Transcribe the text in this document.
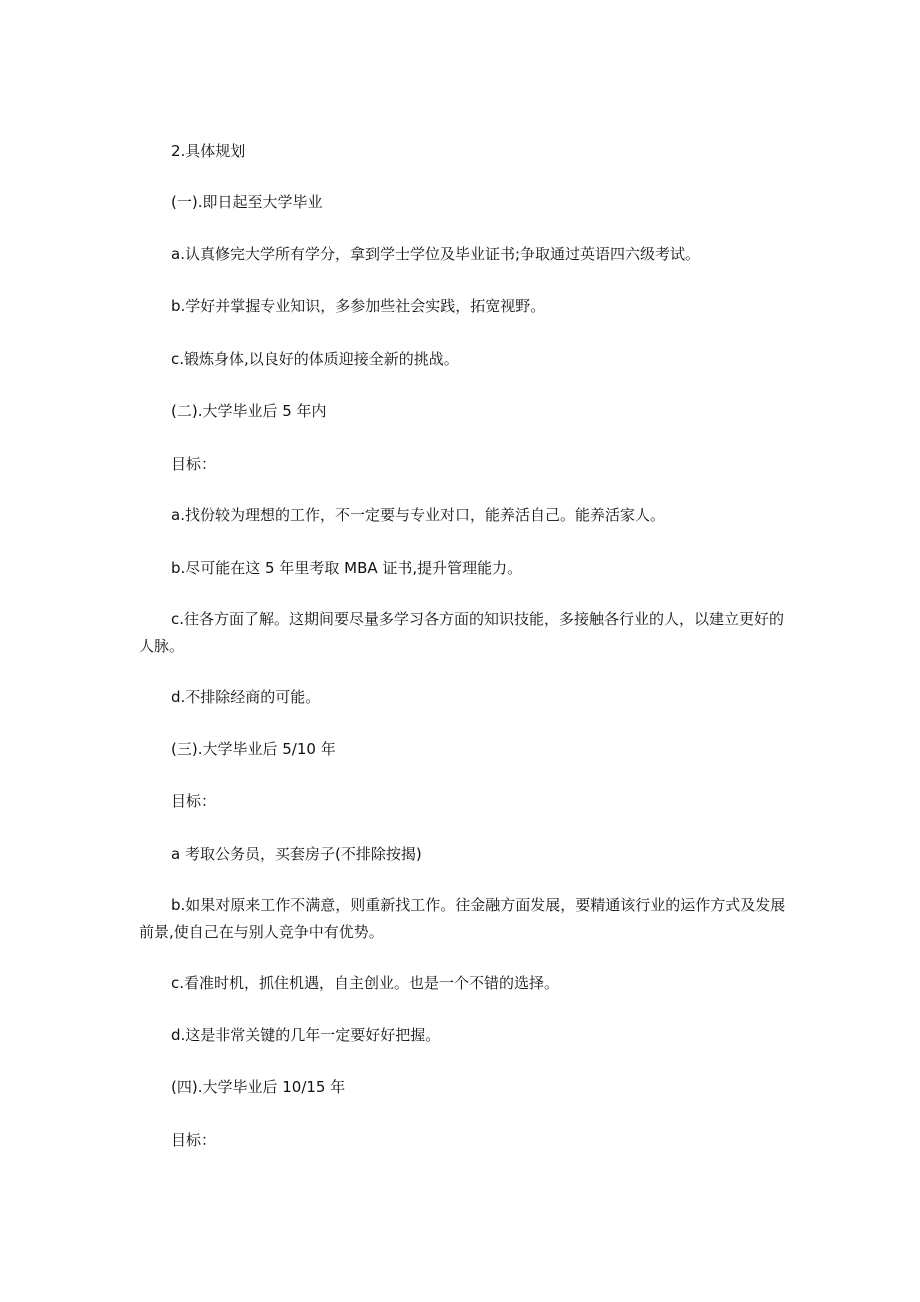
2.具体规划

(一).即日起至大学毕业

a.认真修完大学所有学分，拿到学士学位及毕业证书;争取通过英语四六级考试。

b.学好并掌握专业知识，多参加些社会实践，拓宽视野。

c.锻炼身体,以良好的体质迎接全新的挑战。

(二).大学毕业后 5 年内

目标：

a.找份较为理想的工作，不一定要与专业对口，能养活自己。能养活家人。

b.尽可能在这 5 年里考取 MBA 证书,提升管理能力。

c.往各方面了解。这期间要尽量多学习各方面的知识技能，多接触各行业的人，以建立更好的人脉。

d.不排除经商的可能。

(三).大学毕业后 5/10 年

目标：

a 考取公务员，买套房子(不排除按揭)

b.如果对原来工作不满意，则重新找工作。往金融方面发展，要精通该行业的运作方式及发展前景,使自己在与别人竞争中有优势。

c.看准时机，抓住机遇，自主创业。也是一个不错的选择。

d.这是非常关键的几年一定要好好把握。

(四).大学毕业后 10/15 年

目标：
